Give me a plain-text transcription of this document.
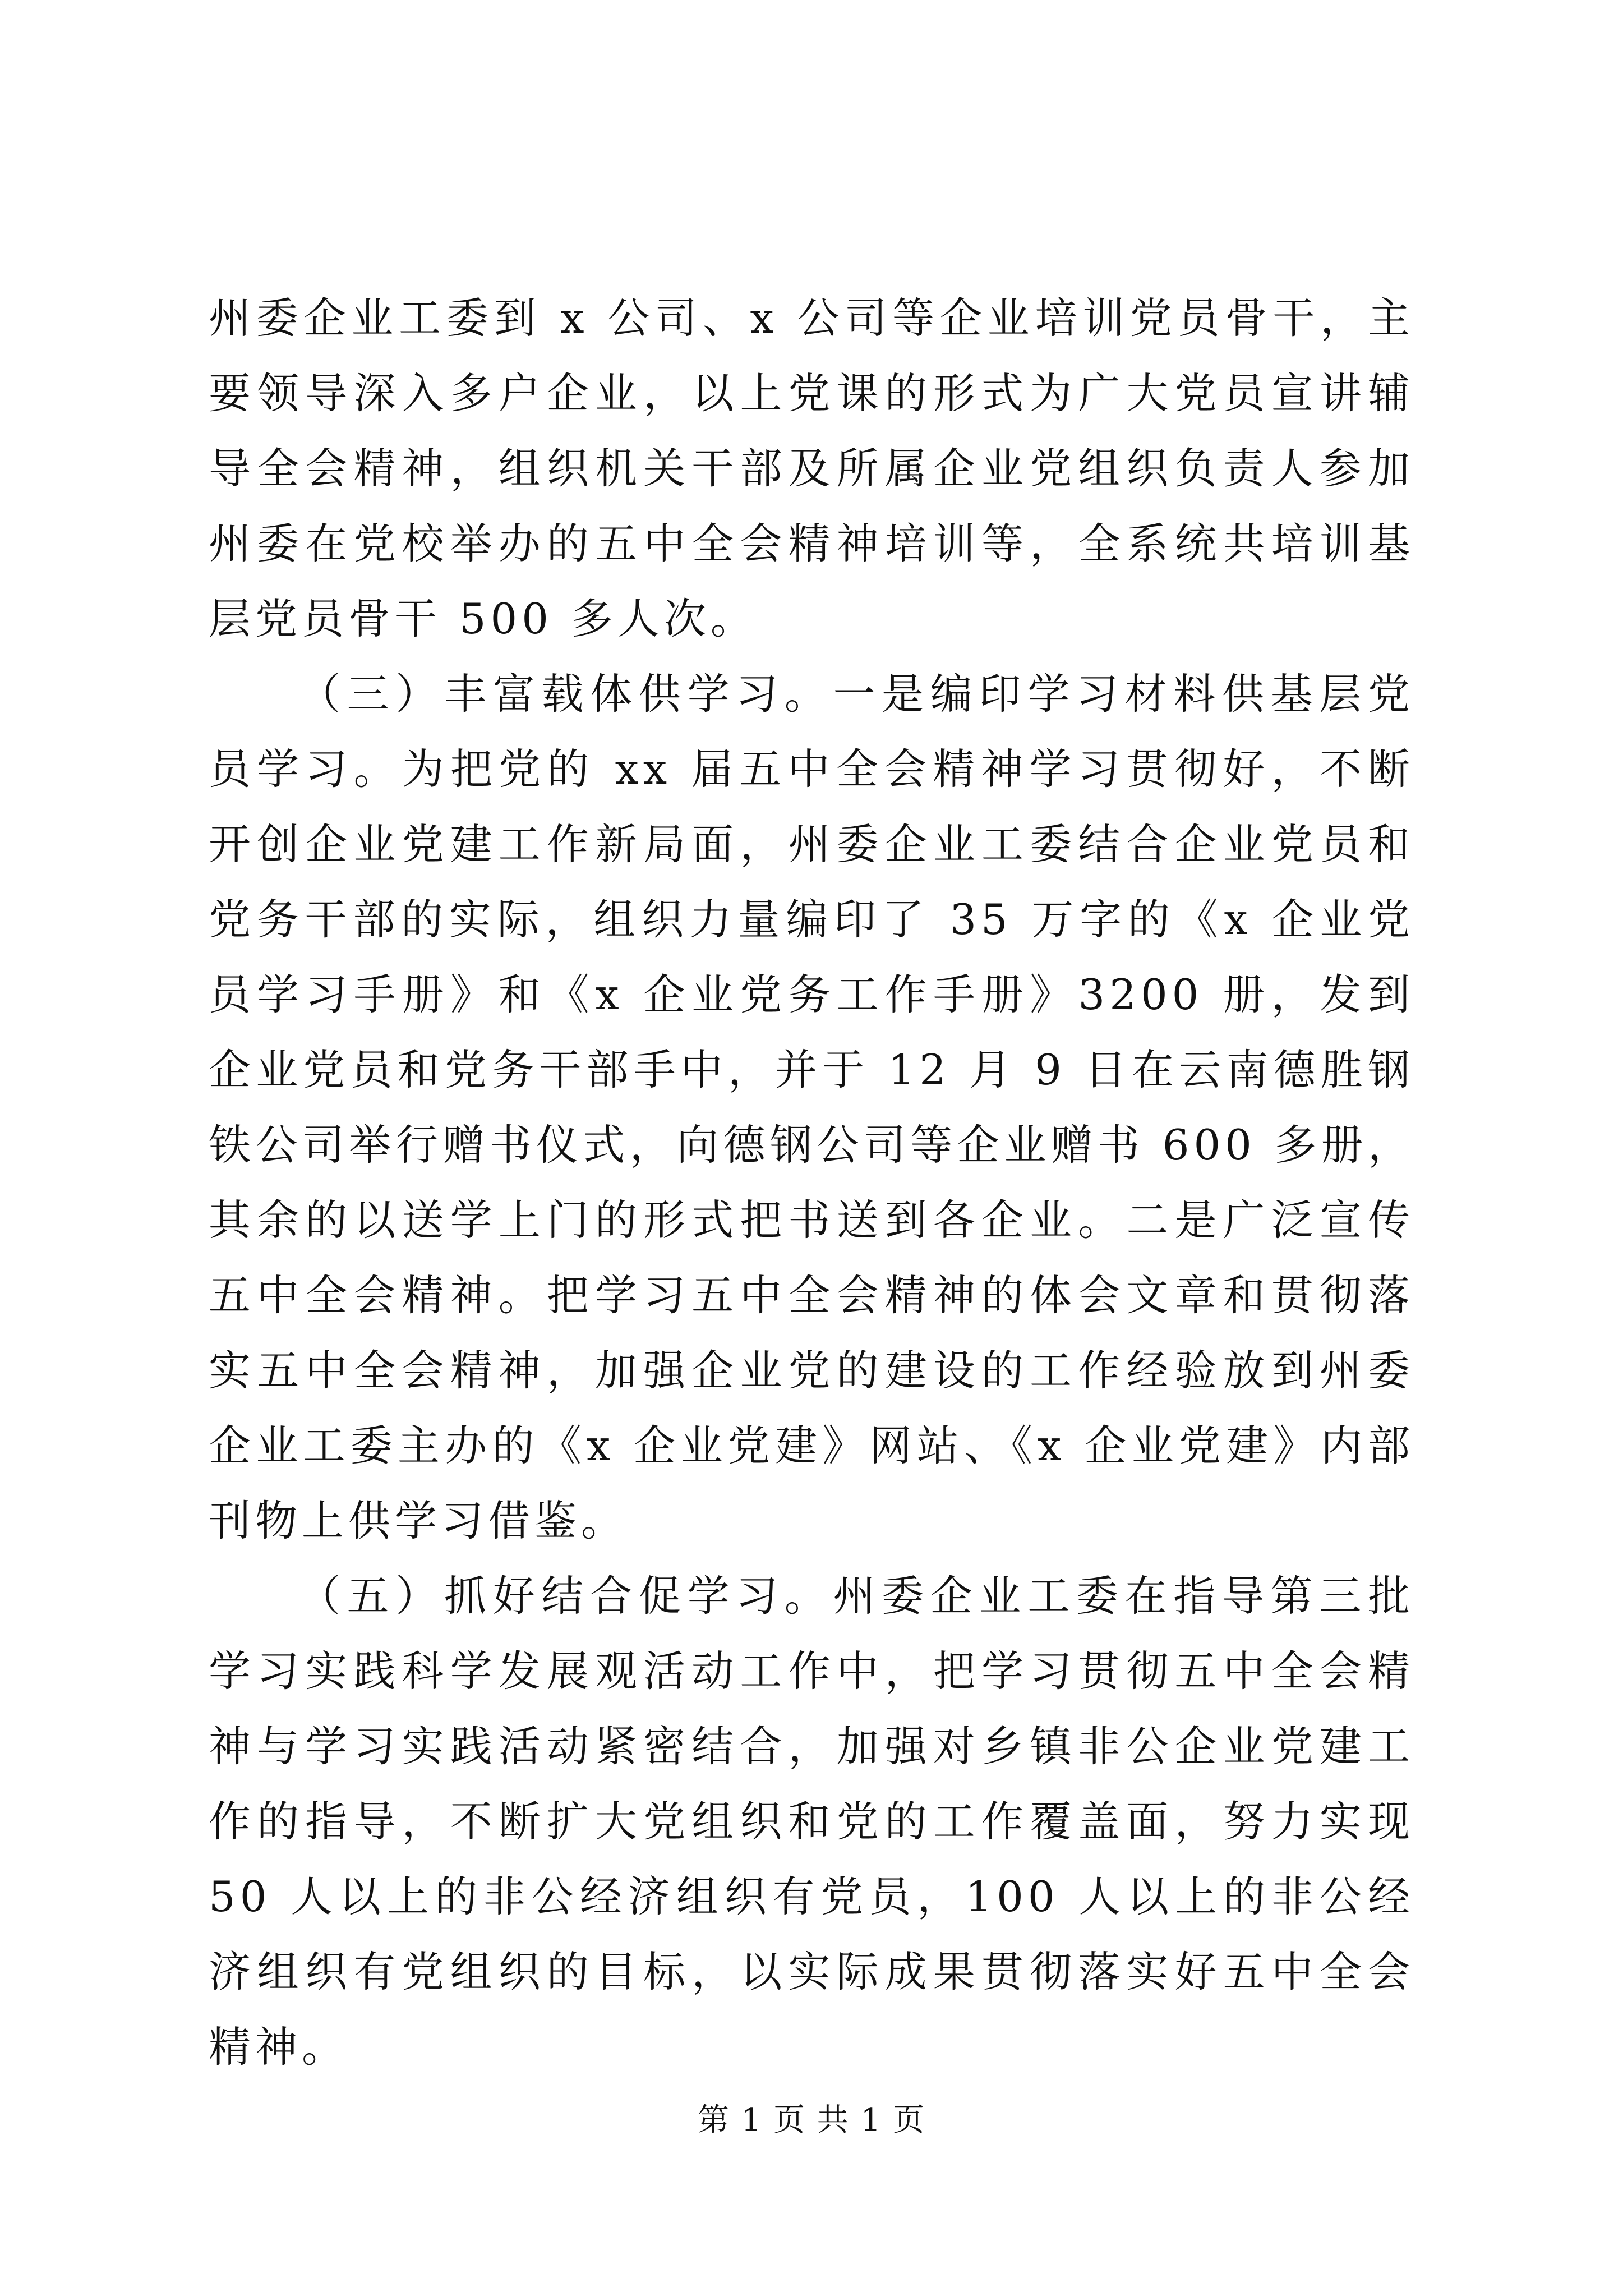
州委企业工委到 x 公司、x 公司等企业培训党员骨干，主要领导深入多户企业，以上党课的形式为广大党员宣讲辅导全会精神，组织机关干部及所属企业党组织负责人参加州委在党校举办的五中全会精神培训等，全系统共培训基层党员骨干 500 多人次。

（三）丰富载体供学习。一是编印学习材料供基层党员学习。为把党的 xx 届五中全会精神学习贯彻好，不断开创企业党建工作新局面，州委企业工委结合企业党员和党务干部的实际，组织力量编印了 35 万字的《x 企业党员学习手册》和《x 企业党务工作手册》3200 册，发到企业党员和党务干部手中，并于 12 月 9 日在云南德胜钢铁公司举行赠书仪式，向德钢公司等企业赠书 600 多册，其余的以送学上门的形式把书送到各企业。二是广泛宣传五中全会精神。把学习五中全会精神的体会文章和贯彻落实五中全会精神，加强企业党的建设的工作经验放到州委企业工委主办的《x 企业党建》网站、《x 企业党建》内部刊物上供学习借鉴。

（五）抓好结合促学习。州委企业工委在指导第三批学习实践科学发展观活动工作中，把学习贯彻五中全会精神与学习实践活动紧密结合，加强对乡镇非公企业党建工作的指导，不断扩大党组织和党的工作覆盖面，努力实现 50 人以上的非公经济组织有党员，100 人以上的非公经济组织有党组织的目标，以实际成果贯彻落实好五中全会精神。

第 1 页 共 1 页
